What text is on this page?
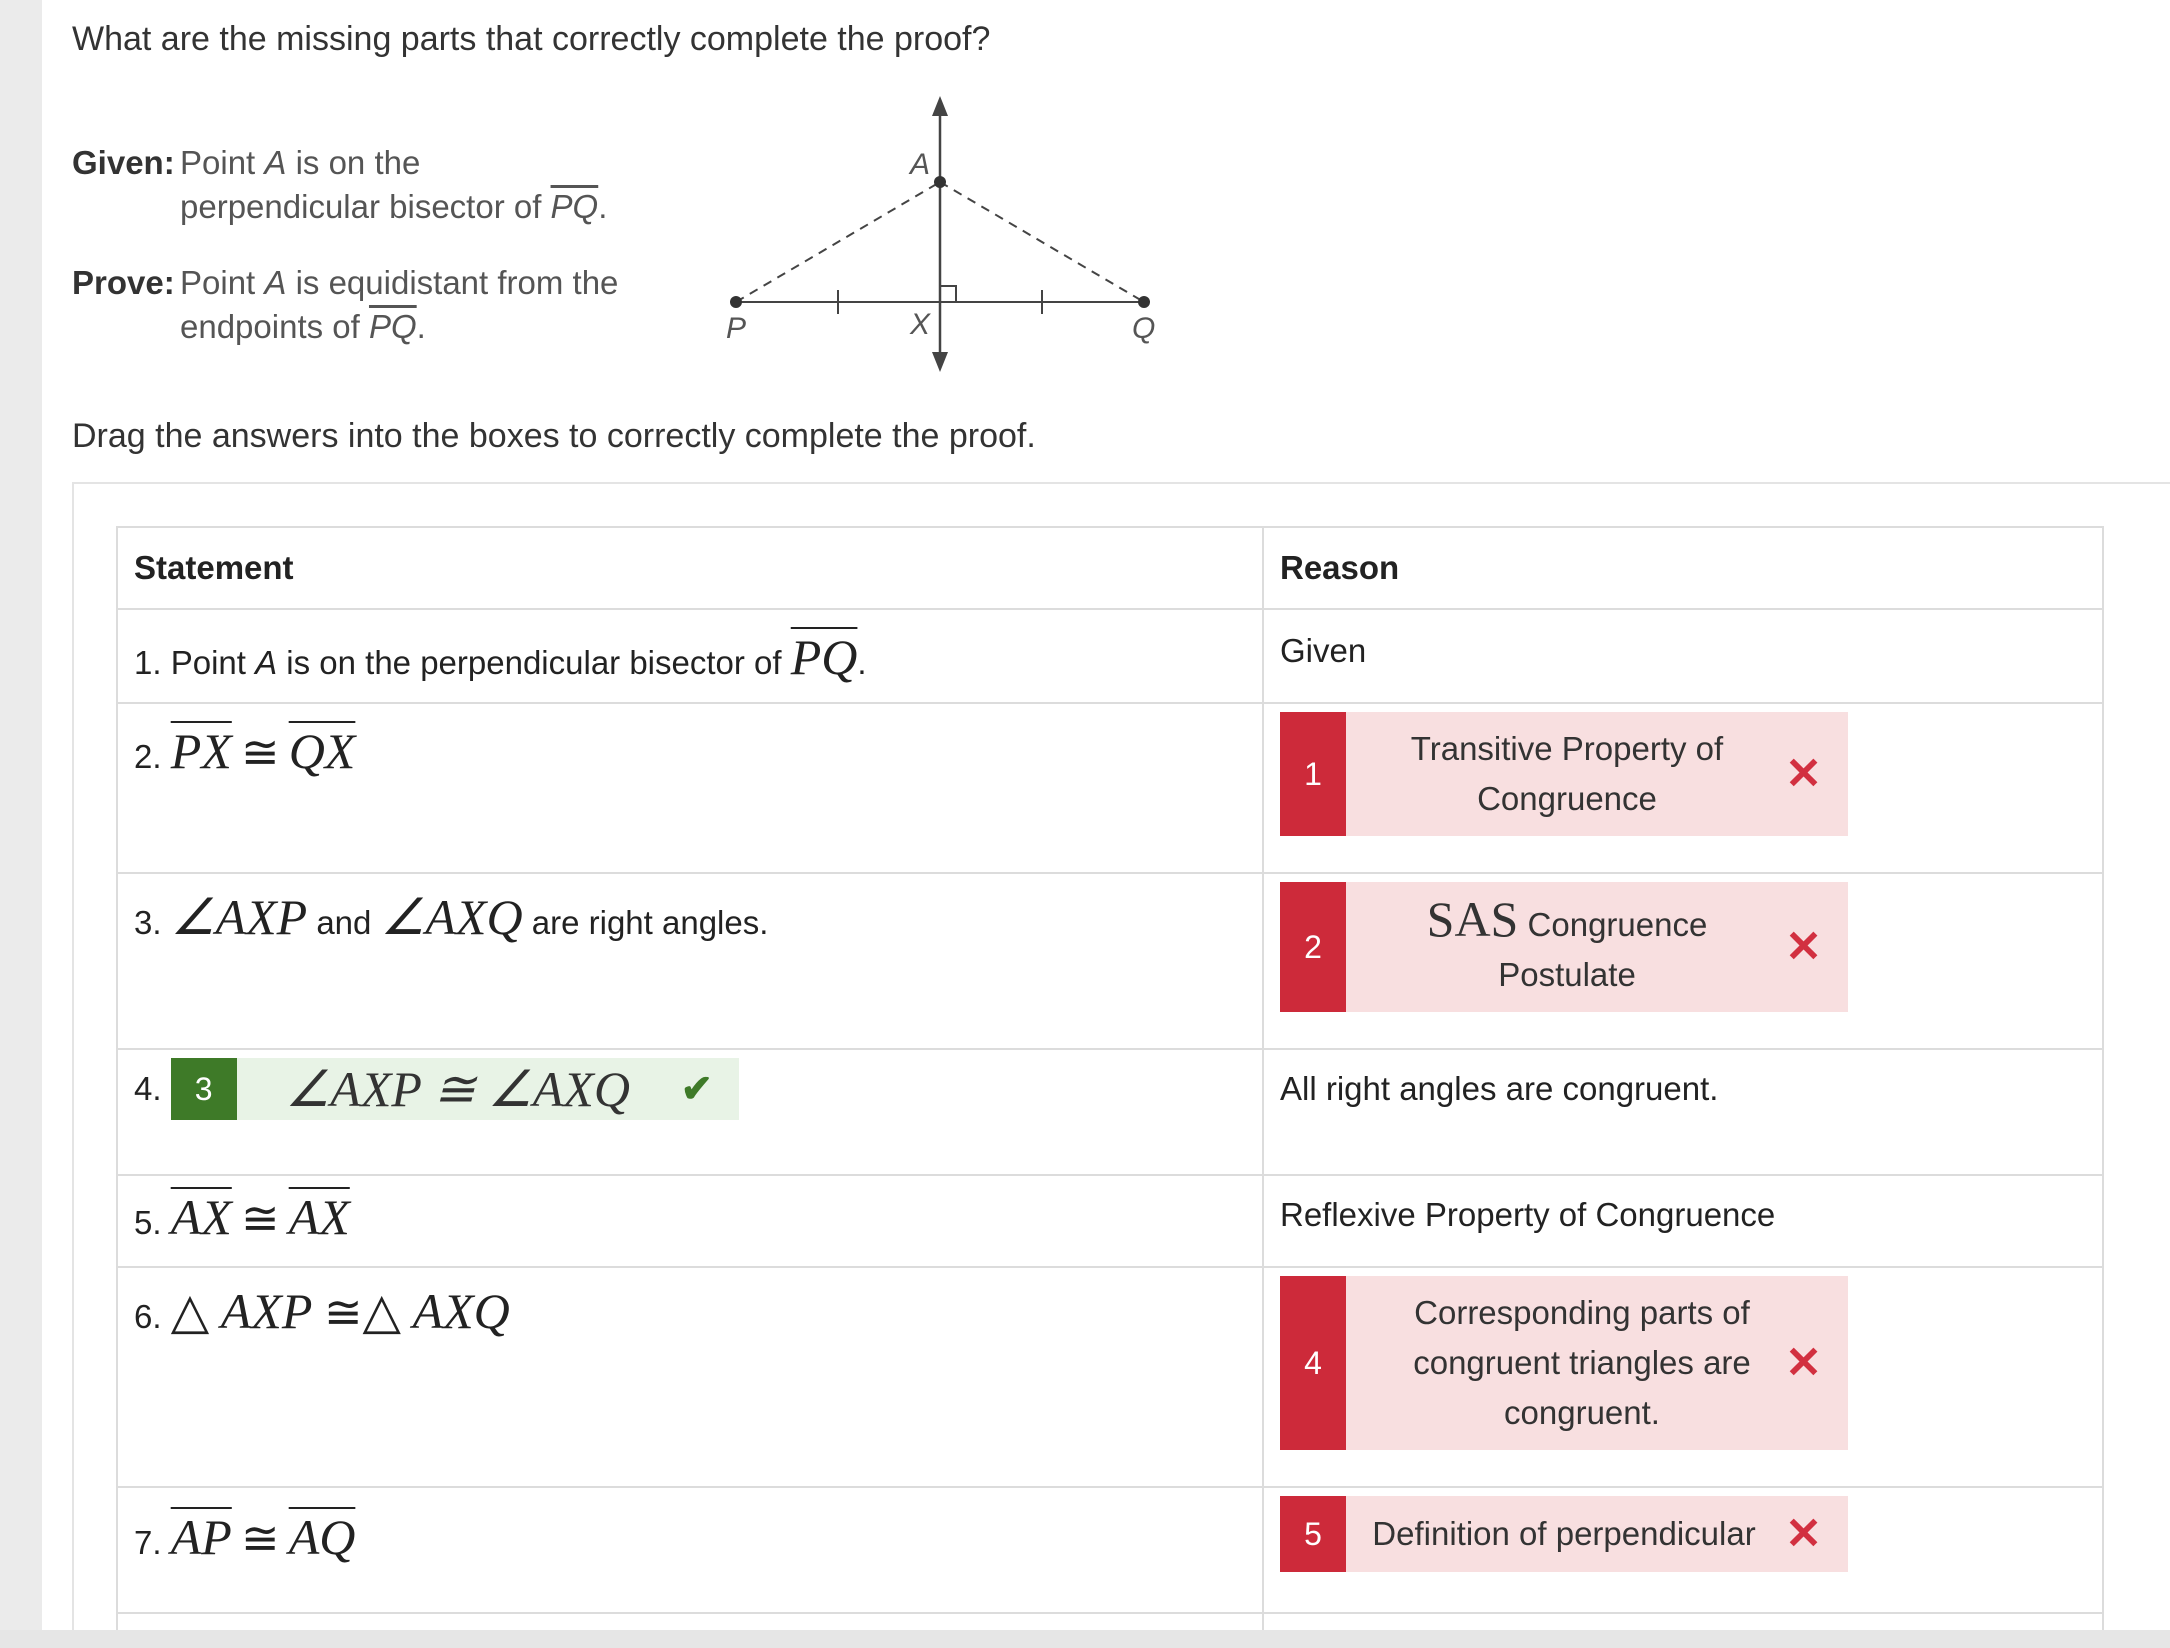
What are the missing parts that correctly complete the proof?
Given: Point A is on the
perpendicular bisector of $\overline{PQ}$.
Prove: Point A is equidistant from the
endpoints of $\overline{PQ}$.
A
P	X	Q
Drag the answers into the boxes to correctly complete the proof.
Statement	Reason

1. Point A is on the perpendicular bisector of $\overline{PQ}$.	Given

2. $\overline{PX}$ ≅ $\overline{QX}$	1
Transitive Property of Congruence ✕

3. ∠AXP and ∠AXQ are right angles.	2 SAS Congruence Postulate
✕

4. 3 ∠AXP ≅ ∠AXQ ✔	All right angles are congruent.

5. $\overline{AX}$ ≅ $\overline{AX}$	Reflexive Property of Congruence

6. △ AXP ≅△ AXQ	4
Corresponding parts of congruent triangles are congruent.
✕

7. $\overline{AP}$ ≅ $\overline{AQ}$	5 Definition of perpendicular ✕
